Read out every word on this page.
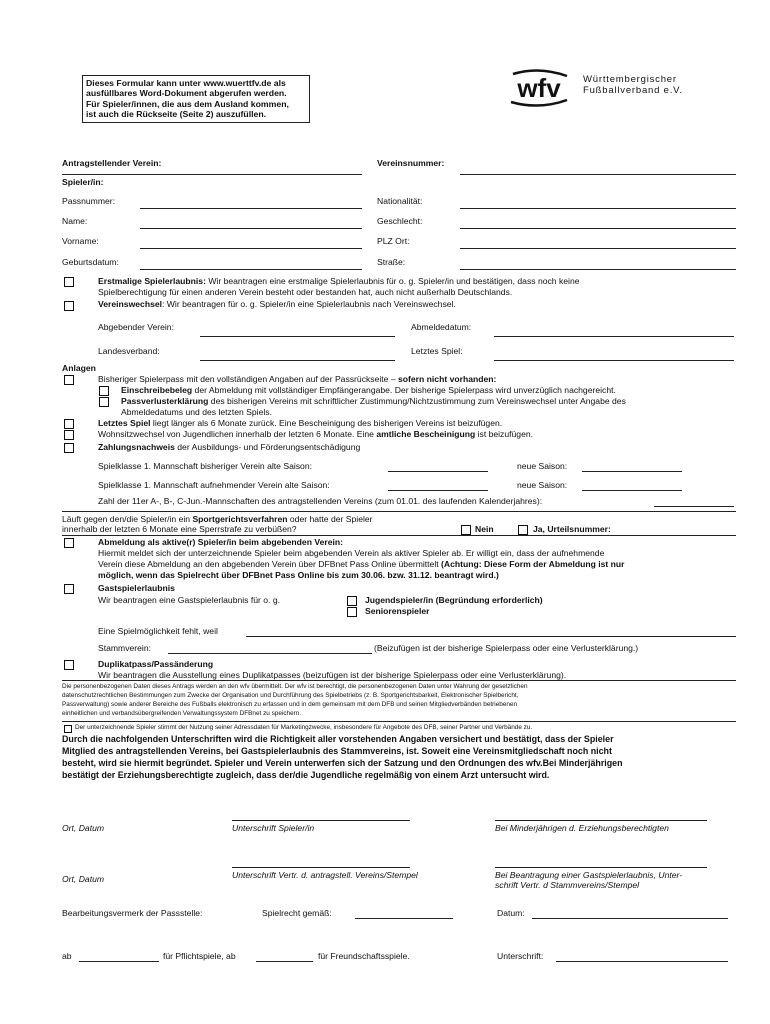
Dieses Formular kann unter www.wuerttfv.de als
ausfüllbares Word-Dokument abgerufen werden.
Für Spieler/innen, die aus dem Ausland kommen,
ist auch die Rückseite (Seite 2) auszufüllen.
wfv Württembergischer
Fußballverband e.V.
Antragstellender Verein:	Vereinsnummer:
Spieler/in:
Passnummer:	Nationalität:
Name:	Geschlecht:
Vorname:	PLZ Ort:
Geburtsdatum:	Straße:
Erstmalige Spielerlaubnis: Wir beantragen eine erstmalige Spielerlaubnis für o. g. Spieler/in und bestätigen, dass noch keine
Spielberechtigung für einen anderen Verein besteht oder bestanden hat, auch nicht außerhalb Deutschlands.
Vereinswechsel: Wir beantragen für o. g. Spieler/in eine Spielerlaubnis nach Vereinswechsel.
Abgebender Verein:	Abmeldedatum:
Landesverband:	Letztes Spiel:
Anlagen
Bisheriger Spielerpass mit den vollständigen Angaben auf der Passrückseite – sofern nicht vorhanden:
Einschreibebeleg der Abmeldung mit vollständiger Empfängerangabe. Der bisherige Spielerpass wird unverzüglich nachgereicht.
Passverlusterklärung des bisherigen Vereins mit schriftlicher Zustimmung/Nichtzustimmung zum Vereinswechsel unter Angabe des
Abmeldedatums und des letzten Spiels.
Letztes Spiel liegt länger als 6 Monate zurück. Eine Bescheinigung des bisherigen Vereins ist beizufügen.
Wohnsitzwechsel von Jugendlichen innerhalb der letzten 6 Monate. Eine amtliche Bescheinigung ist beizufügen.
Zahlungsnachweis der Ausbildungs- und Förderungsentschädigung
Spielklasse 1. Mannschaft bisheriger Verein alte Saison:	neue Saison:
Spielklasse 1. Mannschaft aufnehmender Verein alte Saison:	neue Saison:
Zahl der 11er A-, B-, C-Jun.-Mannschaften des antragstellenden Vereins (zum 01.01. des laufenden Kalenderjahres):
Läuft gegen den/die Spieler/in ein Sportgerichtsverfahren oder hatte der Spieler
innerhalb der letzten 6 Monate eine Sperrstrafe zu verbüßen?	Nein	Ja, Urteilsnummer:
Abmeldung als aktive(r) Spieler/in beim abgebenden Verein:
Hiermit meldet sich der unterzeichnende Spieler beim abgebenden Verein als aktiver Spieler ab. Er willigt ein, dass der aufnehmende
Verein diese Abmeldung an den abgebenden Verein über DFBnet Pass Online übermittelt (Achtung: Diese Form der Abmeldung ist nur
möglich, wenn das Spielrecht über DFBnet Pass Online bis zum 30.06. bzw. 31.12. beantragt wird.)
Gastspielerlaubnis
Wir beantragen eine Gastspielerlaubnis für o. g.	Jugendspieler/in (Begründung erforderlich)
Seniorenspieler
Eine Spielmöglichkeit fehlt, weil
Stammverein:	(Beizufügen ist der bisherige Spielerpass oder eine Verlusterklärung.)
Duplikatpass/Passänderung
Wir beantragen die Ausstellung eines Duplikatpasses (beizufügen ist der bisherige Spielerpass oder eine Verlusterklärung).
Die personenbezogenen Daten dieses Antrags werden an den wfv übermittelt. Der wfv ist berechtigt, die personenbezogenen Daten unter Wahrung der gesetzlichen
datenschutzrechtlichen Bestimmungen zum Zwecke der Organisation und Durchführung des Spielbetriebs (z. B. Sportgerichtsbarkeit, Elektronischer Spielbericht,
Passverwaltung) sowie anderer Bereiche des Fußballs elektronisch zu erfassen und in dem gemeinsam mit dem DFB und seinen Mitgliedverbänden betriebenen
einheitlichen und verbandsübergreifenden Verwaltungssystem DFBnet zu speichern.
Der unterzeichnende Spieler stimmt der Nutzung seiner Adressdaten für Marketingzwecke, insbesondere für Angebote des DFB, seiner Partner und Verbände zu.
Durch die nachfolgenden Unterschriften wird die Richtigkeit aller vorstehenden Angaben versichert und bestätigt, dass der Spieler
Mitglied des antragstellenden Vereins, bei Gastspielerlaubnis des Stammvereins, ist. Soweit eine Vereinsmitgliedschaft noch nicht
besteht, wird sie hiermit begründet. Spieler und Verein unterwerfen sich der Satzung und den Ordnungen des wfv.Bei Minderjährigen
bestätigt der Erziehungsberechtigte zugleich, dass der/die Jugendliche regelmäßig von einem Arzt untersucht wird.
Ort, Datum	Unterschrift Spieler/in	Bei Minderjährigen d. Erziehungsberechtigten
Ort, Datum	Unterschrift Vertr. d. antragstell. Vereins/Stempel	Bei Beantragung einer Gastspielerlaubnis, Unter-
schrift Vertr. d Stammvereins/Stempel
Bearbeitungsvermerk der Passstelle:	Spielrecht gemäß:	Datum:
ab	für Pflichtspiele, ab	für Freundschaftsspiele.	Unterschrift:
